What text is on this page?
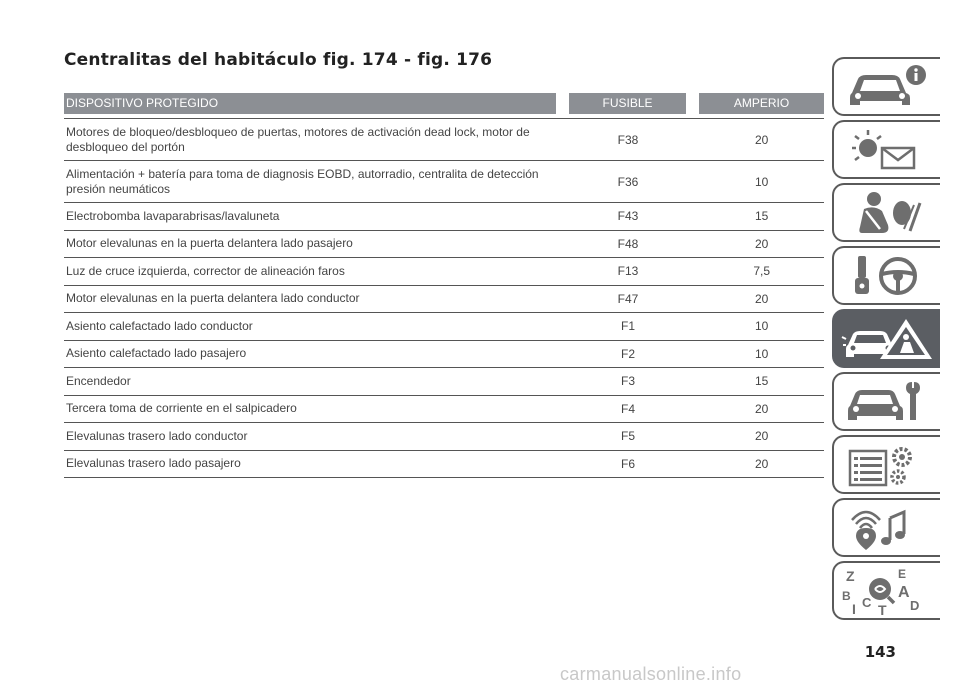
Centralitas del habitáculo fig. 174 - fig. 176
DISPOSITIVO PROTEGIDO	FUSIBLE	AMPERIO
Motores de bloqueo/desbloqueo de puertas, motores de activación dead lock, motor de desbloqueo del portón	F38	20
Alimentación + batería para toma de diagnosis EOBD, autorradio, centralita de detección presión neumáticos	F36	10
Electrobomba lavaparabrisas/lavaluneta	F43	15
Motor elevalunas en la puerta delantera lado pasajero	F48	20
Luz de cruce izquierda, corrector de alineación faros	F13	7,5
Motor elevalunas en la puerta delantera lado conductor	F47	20
Asiento calefactado lado conductor	F1	10
Asiento calefactado lado pasajero	F2	10
Encendedor	F3	15
Tercera toma de corriente en el salpicadero	F4	20
Elevalunas trasero lado conductor	F5	20
Elevalunas trasero lado pasajero	F6	20
Z	E
B	A
C
I T D
143
carmanualsonline.info
